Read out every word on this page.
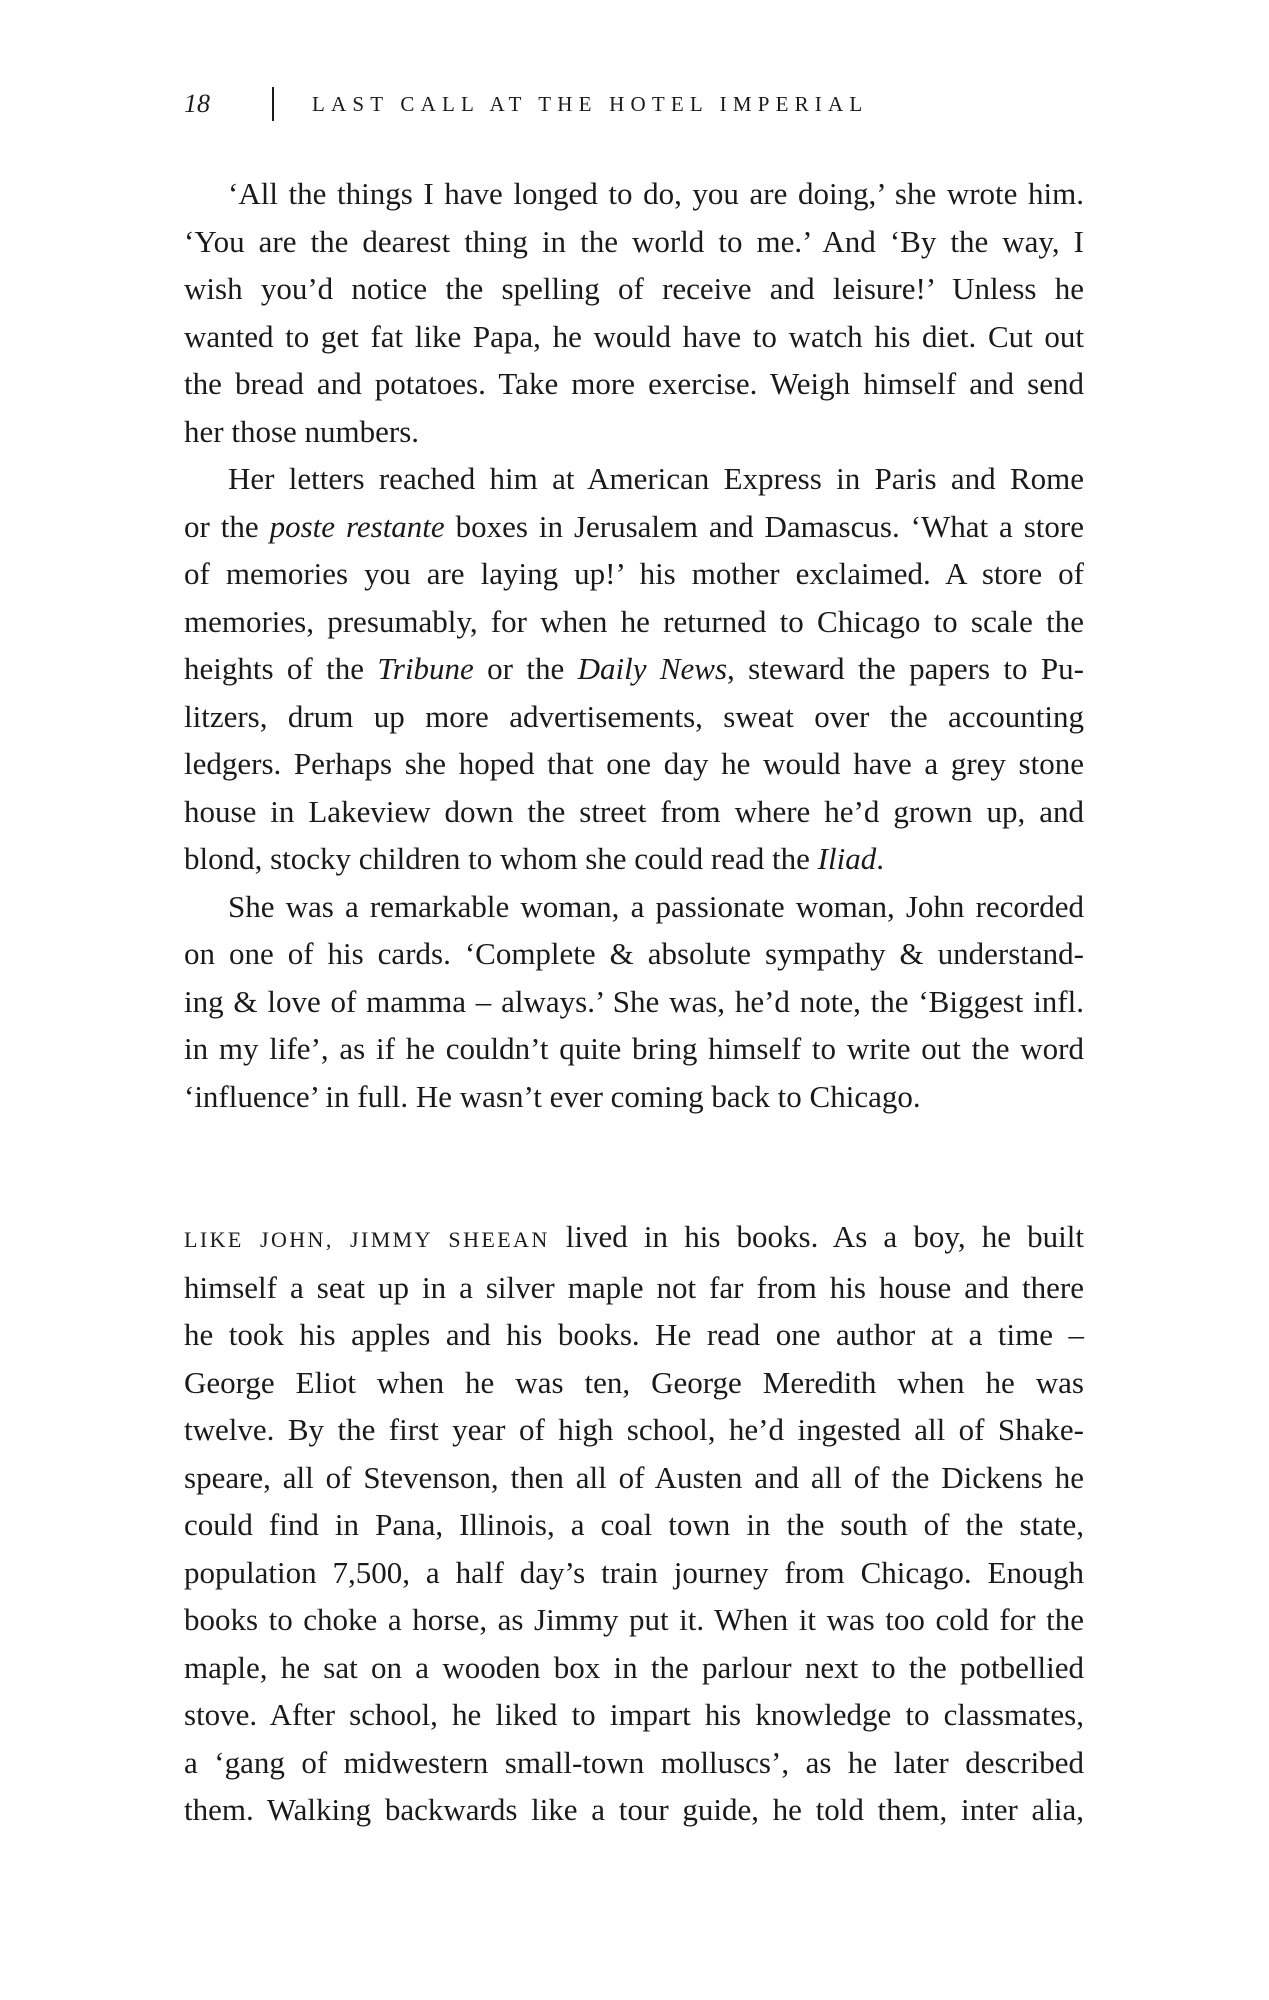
18	LAST CALL AT THE HOTEL IMPERIAL
‘All the things I have longed to do, you are doing,’ she wrote him.
‘You are the dearest thing in the world to me.’ And ‘By the way, I
wish you’d notice the spelling of receive and leisure!’ Unless he
wanted to get fat like Papa, he would have to watch his diet. Cut out
the bread and potatoes. Take more exercise. Weigh himself and send
her those numbers.
Her letters reached him at American Express in Paris and Rome
or the poste restante boxes in Jerusalem and Damascus. ‘What a store
of memories you are laying up!’ his mother exclaimed. A store of
memories, presumably, for when he returned to Chicago to scale the
heights of the Tribune or the Daily News, steward the papers to Pu-
litzers, drum up more advertisements, sweat over the accounting
ledgers. Perhaps she hoped that one day he would have a grey stone
house in Lakeview down the street from where he’d grown up, and
blond, stocky children to whom she could read the Iliad.
She was a remarkable woman, a passionate woman, John recorded
on one of his cards. ‘Complete & absolute sympathy & understand-
ing & love of mamma – always.’ She was, he’d note, the ‘Biggest infl.
in my life’, as if he couldn’t quite bring himself to write out the word
‘influence’ in full. He wasn’t ever coming back to Chicago.
LIKE JOHN, JIMMY SHEEAN lived in his books. As a boy, he built
himself a seat up in a silver maple not far from his house and there
he took his apples and his books. He read one author at a time –
George Eliot when he was ten, George Meredith when he was
twelve. By the first year of high school, he’d ingested all of Shake-
speare, all of Stevenson, then all of Austen and all of the Dickens he
could find in Pana, Illinois, a coal town in the south of the state,
population 7,500, a half day’s train journey from Chicago. Enough
books to choke a horse, as Jimmy put it. When it was too cold for the
maple, he sat on a wooden box in the parlour next to the potbellied
stove. After school, he liked to impart his knowledge to classmates,
a ‘gang of midwestern small-town molluscs’, as he later described
them. Walking backwards like a tour guide, he told them, inter alia,
